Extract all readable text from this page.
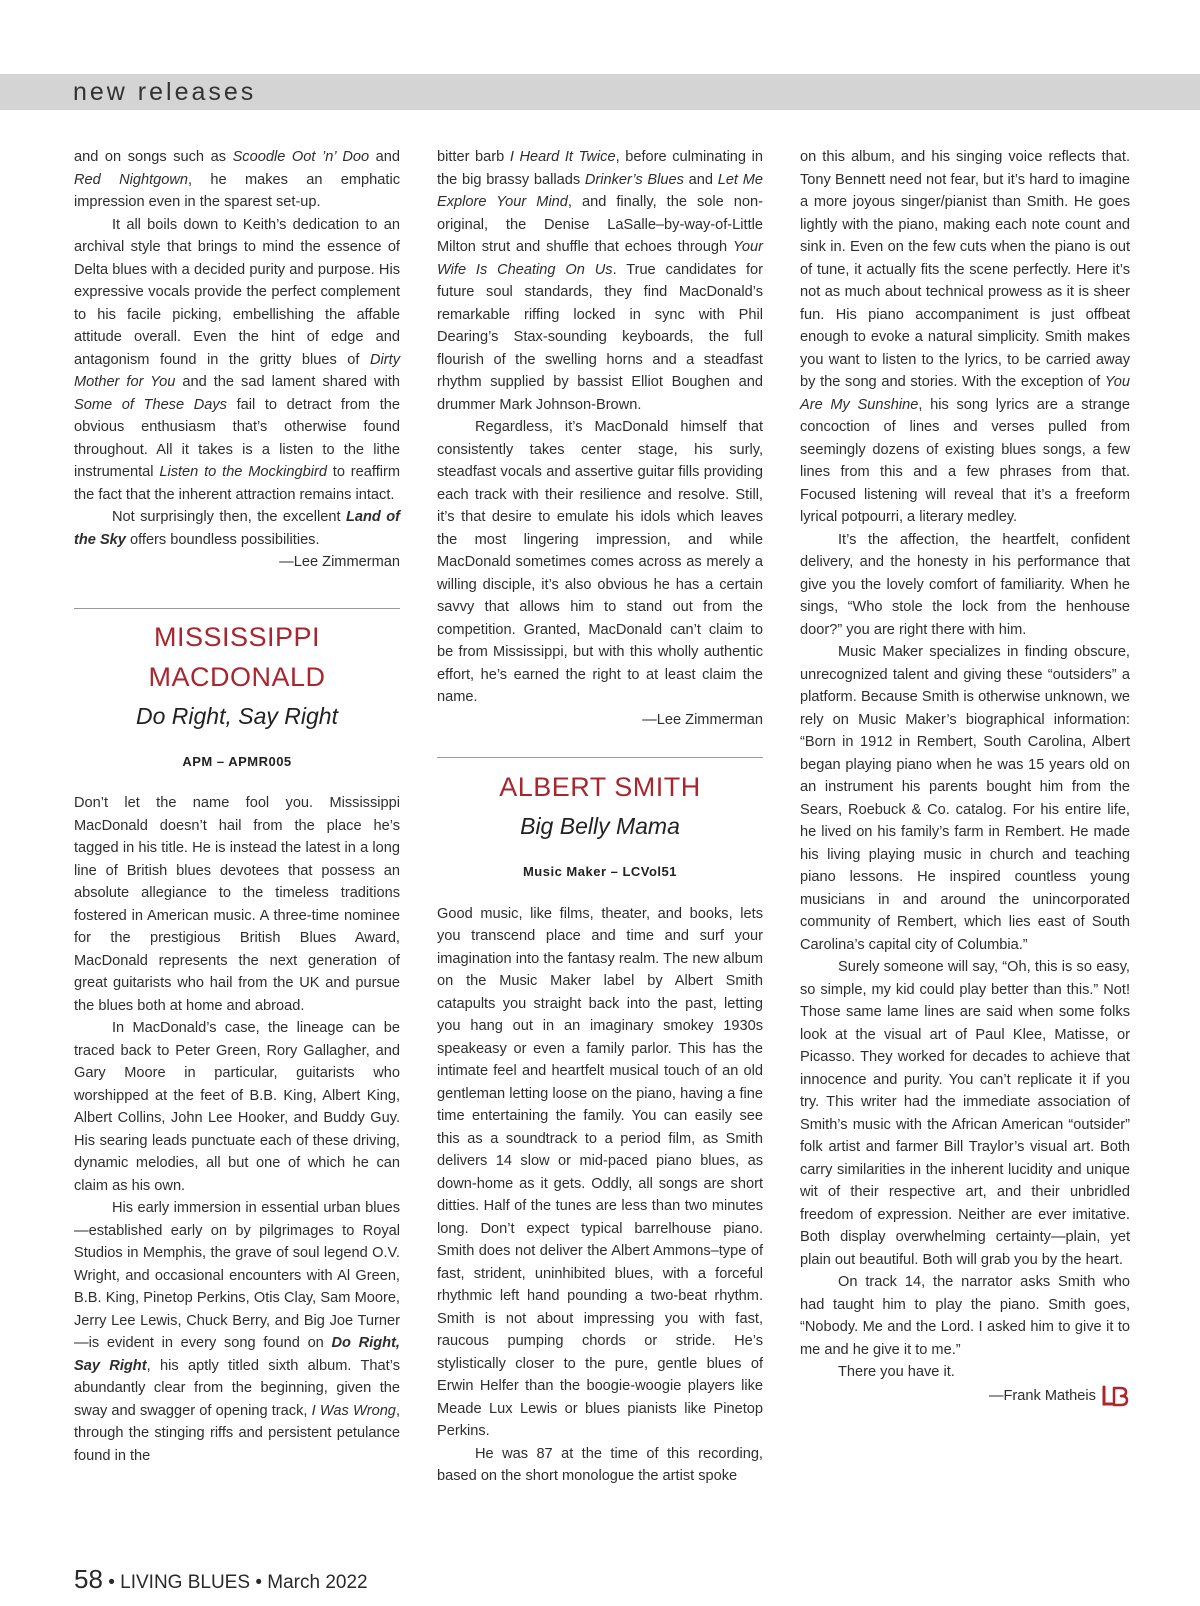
new releases

and on songs such as Scoodle Oot ’n’ Doo and Red Nightgown, he makes an emphatic impression even in the sparest set-up.

It all boils down to Keith’s dedication to an archival style that brings to mind the essence of Delta blues with a decided purity and purpose. His expressive vocals provide the perfect complement to his facile picking, embellishing the affable attitude overall. Even the hint of edge and antagonism found in the gritty blues of Dirty Mother for You and the sad lament shared with Some of These Days fail to detract from the obvious enthusiasm that’s otherwise found throughout. All it takes is a listen to the lithe instrumental Listen to the Mockingbird to reaffirm the fact that the inherent attraction remains intact.

Not surprisingly then, the excellent Land of the Sky offers boundless possibilities.

—Lee Zimmerman
MISSISSIPPI
MACDONALD
Do Right, Say Right
APM – APMR005

Don’t let the name fool you. Mississippi MacDonald doesn’t hail from the place he’s tagged in his title. He is instead the latest in a long line of British blues devotees that possess an absolute allegiance to the timeless traditions fostered in American music. A three-time nominee for the prestigious British Blues Award, MacDonald represents the next generation of great guitarists who hail from the UK and pursue the blues both at home and abroad.

In MacDonald’s case, the lineage can be traced back to Peter Green, Rory Gallagher, and Gary Moore in particular, guitarists who worshipped at the feet of B.B. King, Albert King, Albert Collins, John Lee Hooker, and Buddy Guy. His searing leads punctuate each of these driving, dynamic melodies, all but one of which he can claim as his own.

His early immersion in essential urban blues—established early on by pilgrimages to Royal Studios in Memphis, the grave of soul legend O.V. Wright, and occasional encounters with Al Green, B.B. King, Pinetop Perkins, Otis Clay, Sam Moore, Jerry Lee Lewis, Chuck Berry, and Big Joe Turner—is evident in every song found on Do Right, Say Right, his aptly titled sixth album. That’s abundantly clear from the beginning, given the sway and swagger of opening track, I Was Wrong, through the stinging riffs and persistent petulance found in the

bitter barb I Heard It Twice, before culminating in the big brassy ballads Drinker’s Blues and Let Me Explore Your Mind, and finally, the sole non-original, the Denise LaSalle–by-way-of-Little Milton strut and shuffle that echoes through Your Wife Is Cheating On Us. True candidates for future soul standards, they find MacDonald’s remarkable riffing locked in sync with Phil Dearing’s Stax-sounding keyboards, the full flourish of the swelling horns and a steadfast rhythm supplied by bassist Elliot Boughen and drummer Mark Johnson-Brown.

Regardless, it’s MacDonald himself that consistently takes center stage, his surly, steadfast vocals and assertive guitar fills providing each track with their resilience and resolve. Still, it’s that desire to emulate his idols which leaves the most lingering impression, and while MacDonald sometimes comes across as merely a willing disciple, it’s also obvious he has a certain savvy that allows him to stand out from the competition. Granted, MacDonald can’t claim to be from Mississippi, but with this wholly authentic effort, he’s earned the right to at least claim the name.

—Lee Zimmerman
ALBERT SMITH
Big Belly Mama
Music Maker – LCVol51

Good music, like films, theater, and books, lets you transcend place and time and surf your imagination into the fantasy realm. The new album on the Music Maker label by Albert Smith catapults you straight back into the past, letting you hang out in an imaginary smokey 1930s speakeasy or even a family parlor. This has the intimate feel and heartfelt musical touch of an old gentleman letting loose on the piano, having a fine time entertaining the family. You can easily see this as a soundtrack to a period film, as Smith delivers 14 slow or mid-paced piano blues, as down-home as it gets. Oddly, all songs are short ditties. Half of the tunes are less than two minutes long. Don’t expect typical barrelhouse piano. Smith does not deliver the Albert Ammons–type of fast, strident, uninhibited blues, with a forceful rhythmic left hand pounding a two-beat rhythm. Smith is not about impressing you with fast, raucous pumping chords or stride. He’s stylistically closer to the pure, gentle blues of Erwin Helfer than the boogie-woogie players like Meade Lux Lewis or blues pianists like Pinetop Perkins.

He was 87 at the time of this recording, based on the short monologue the artist spoke

on this album, and his singing voice reflects that. Tony Bennett need not fear, but it’s hard to imagine a more joyous singer/pianist than Smith. He goes lightly with the piano, making each note count and sink in. Even on the few cuts when the piano is out of tune, it actually fits the scene perfectly. Here it’s not as much about technical prowess as it is sheer fun. His piano accompaniment is just offbeat enough to evoke a natural simplicity. Smith makes you want to listen to the lyrics, to be carried away by the song and stories. With the exception of You Are My Sunshine, his song lyrics are a strange concoction of lines and verses pulled from seemingly dozens of existing blues songs, a few lines from this and a few phrases from that. Focused listening will reveal that it’s a freeform lyrical potpourri, a literary medley.

It’s the affection, the heartfelt, confident delivery, and the honesty in his performance that give you the lovely comfort of familiarity. When he sings, “Who stole the lock from the henhouse door?” you are right there with him.

Music Maker specializes in finding obscure, unrecognized talent and giving these “outsiders” a platform. Because Smith is otherwise unknown, we rely on Music Maker’s biographical information: “Born in 1912 in Rembert, South Carolina, Albert began playing piano when he was 15 years old on an instrument his parents bought him from the Sears, Roebuck & Co. catalog. For his entire life, he lived on his family’s farm in Rembert. He made his living playing music in church and teaching piano lessons. He inspired countless young musicians in and around the unincorporated community of Rembert, which lies east of South Carolina’s capital city of Columbia.”

Surely someone will say, “Oh, this is so easy, so simple, my kid could play better than this.” Not! Those same lame lines are said when some folks look at the visual art of Paul Klee, Matisse, or Picasso. They worked for decades to achieve that innocence and purity. You can’t replicate it if you try. This writer had the immediate association of Smith’s music with the African American “outsider” folk artist and farmer Bill Traylor’s visual art. Both carry similarities in the inherent lucidity and unique wit of their respective art, and their unbridled freedom of expression. Neither are ever imitative. Both display overwhelming certainty—plain, yet plain out beautiful. Both will grab you by the heart.

On track 14, the narrator asks Smith who had taught him to play the piano. Smith goes, “Nobody. Me and the Lord. I asked him to give it to me and he give it to me.”

There you have it.

—Frank Matheis
58 • LIVING BLUES • March 2022
